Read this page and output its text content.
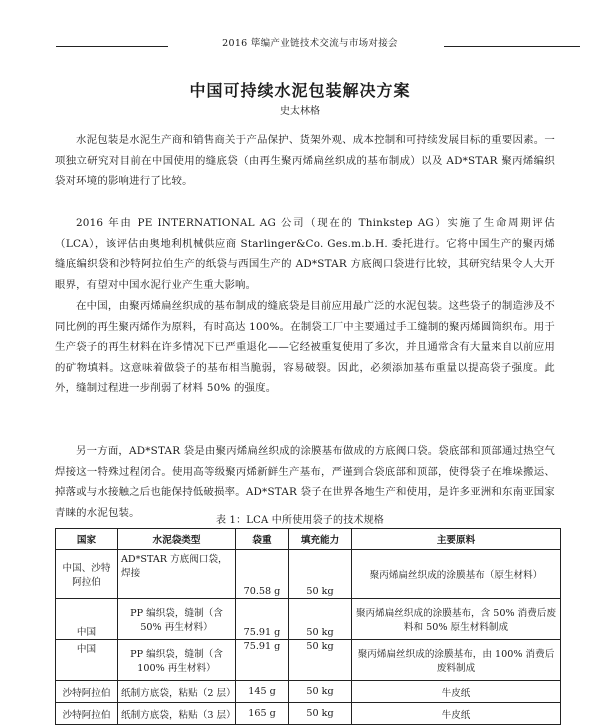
2016 筚编产业链技术交流与市场对接会
中国可持续水泥包装解决方案
史太林格

水泥包装是水泥生产商和销售商关于产品保护、货架外观、成本控制和可持续发展目标的重要因素。一项独立研究对目前在中国使用的缝底袋（由再生聚丙烯扁丝织成的基布制成）以及 AD*STAR 聚丙烯编织袋对环境的影响进行了比较。

2016 年由 PE INTERNATIONAL AG 公司（现在的 Thinkstep AG）实施了生命周期评估（LCA），该评估由奥地利机械供应商 Starlinger&Co. Ges.m.b.H. 委托进行。它将中国生产的聚丙烯缝底编织袋和沙特阿拉伯生产的纸袋与西国生产的 AD*STAR 方底阀口袋进行比较，其研究结果令人大开眼界，有望对中国水泥行业产生重大影响。

在中国，由聚丙烯扁丝织成的基布制成的缝底袋是目前应用最广泛的水泥包装。这些袋子的制造涉及不同比例的再生聚丙烯作为原料，有时高达 100%。在制袋工厂中主要通过手工缝制的聚丙烯圆筒织布。用于生产袋子的再生材料在许多情况下已严重退化——它经被重复使用了多次，并且通常含有大量来自以前应用的矿物填料。这意味着做袋子的基布相当脆弱，容易破裂。因此，必须添加基布重量以提高袋子强度。此外，缝制过程进一步削弱了材料 50% 的强度。

另一方面，AD*STAR 袋是由聚丙烯扁丝织成的涂膜基布做成的方底阀口袋。袋底部和顶部通过热空气焊接这一特殊过程闭合。使用高等级聚丙烯新鲜生产基布，严谨到合袋底部和顶部，使得袋子在堆垛搬运、掉落或与水接触之后也能保持低破损率。AD*STAR 袋子在世界各地生产和使用，是许多亚洲和东南亚国家青睐的水泥包装。

表 1：LCA 中所使用袋子的技术规格
国家	水泥袋类型	袋重	填充能力	主要原料
中国、沙特阿拉伯	AD*STAR 方底阀口袋，焊接	70.58 g	50 kg	聚丙烯扁丝织成的涂膜基布（原生材料）
中国	PP 编织袋，缝制（含 50% 再生材料）	75.91 g	50 kg	聚丙烯扁丝织成的涂膜基布，含 50% 消费后废料和 50% 原生材料制成
中国	PP 编织袋，缝制（含 100% 再生材料）	75.91 g	50 kg	聚丙烯扁丝织成的涂膜基布，由 100% 消费后废料制成
沙特阿拉伯	纸制方底袋，粘贴（2 层）	145 g	50 kg	牛皮纸
沙特阿拉伯	纸制方底袋，粘贴（3 层）	165 g	50 kg	牛皮纸
